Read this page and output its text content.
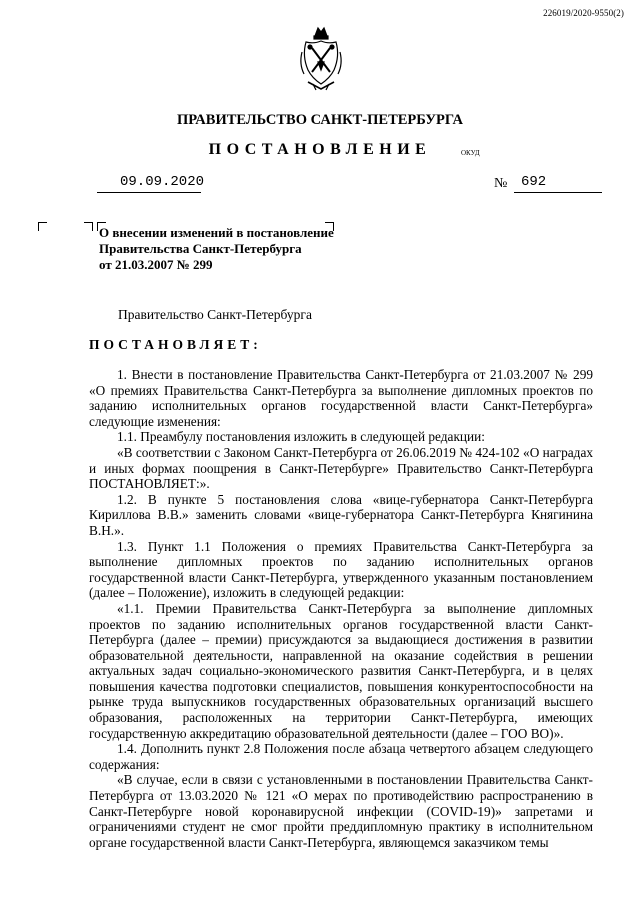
226019/2020-9550(2)
ПРАВИТЕЛЬСТВО САНКТ-ПЕТЕРБУРГА
ПОСТАНОВЛЕНИЕ	ОКУД
09.09.2020	№ 692
О внесении изменений в постановление
Правительства Санкт-Петербурга
от 21.03.2007 № 299
Правительство Санкт-Петербурга
ПОСТАНОВЛЯЕТ:

1. Внести в постановление Правительства Санкт-Петербурга от 21.03.2007 № 299 «О премиях Правительства Санкт-Петербурга за выполнение дипломных проектов по заданию исполнительных органов государственной власти Санкт-Петербурга» следующие изменения:

1.1. Преамбулу постановления изложить в следующей редакции:

«В соответствии с Законом Санкт-Петербурга от 26.06.2019 № 424-102 «О наградах и иных формах поощрения в Санкт-Петербурге» Правительство Санкт-Петербурга ПОСТАНОВЛЯЕТ:».

1.2. В пункте 5 постановления слова «вице-губернатора Санкт-Петербурга Кириллова В.В.» заменить словами «вице-губернатора Санкт-Петербурга Княгинина В.Н.».

1.3. Пункт 1.1 Положения о премиях Правительства Санкт-Петербурга за выполнение дипломных проектов по заданию исполнительных органов государственной власти Санкт-Петербурга, утвержденного указанным постановлением (далее – Положение), изложить в следующей редакции:

«1.1. Премии Правительства Санкт-Петербурга за выполнение дипломных проектов по заданию исполнительных органов государственной власти Санкт-Петербурга (далее – премии) присуждаются за выдающиеся достижения в развитии образовательной деятельности, направленной на оказание содействия в решении актуальных задач социально-экономического развития Санкт-Петербурга, и в целях повышения качества подготовки специалистов, повышения конкурентоспособности на рынке труда выпускников государственных образовательных организаций высшего образования, расположенных на территории Санкт-Петербурга, имеющих государственную аккредитацию образовательной деятельности (далее – ГОО ВО)».

1.4. Дополнить пункт 2.8 Положения после абзаца четвертого абзацем следующего содержания:

«В случае, если в связи с установленными в постановлении Правительства Санкт-Петербурга от 13.03.2020 № 121 «О мерах по противодействию распространению в Санкт-Петербурге новой коронавирусной инфекции (COVID-19)» запретами и ограничениями студент не смог пройти преддипломную практику в исполнительном органе государственной власти Санкт-Петербурга, являющемся заказчиком темы
